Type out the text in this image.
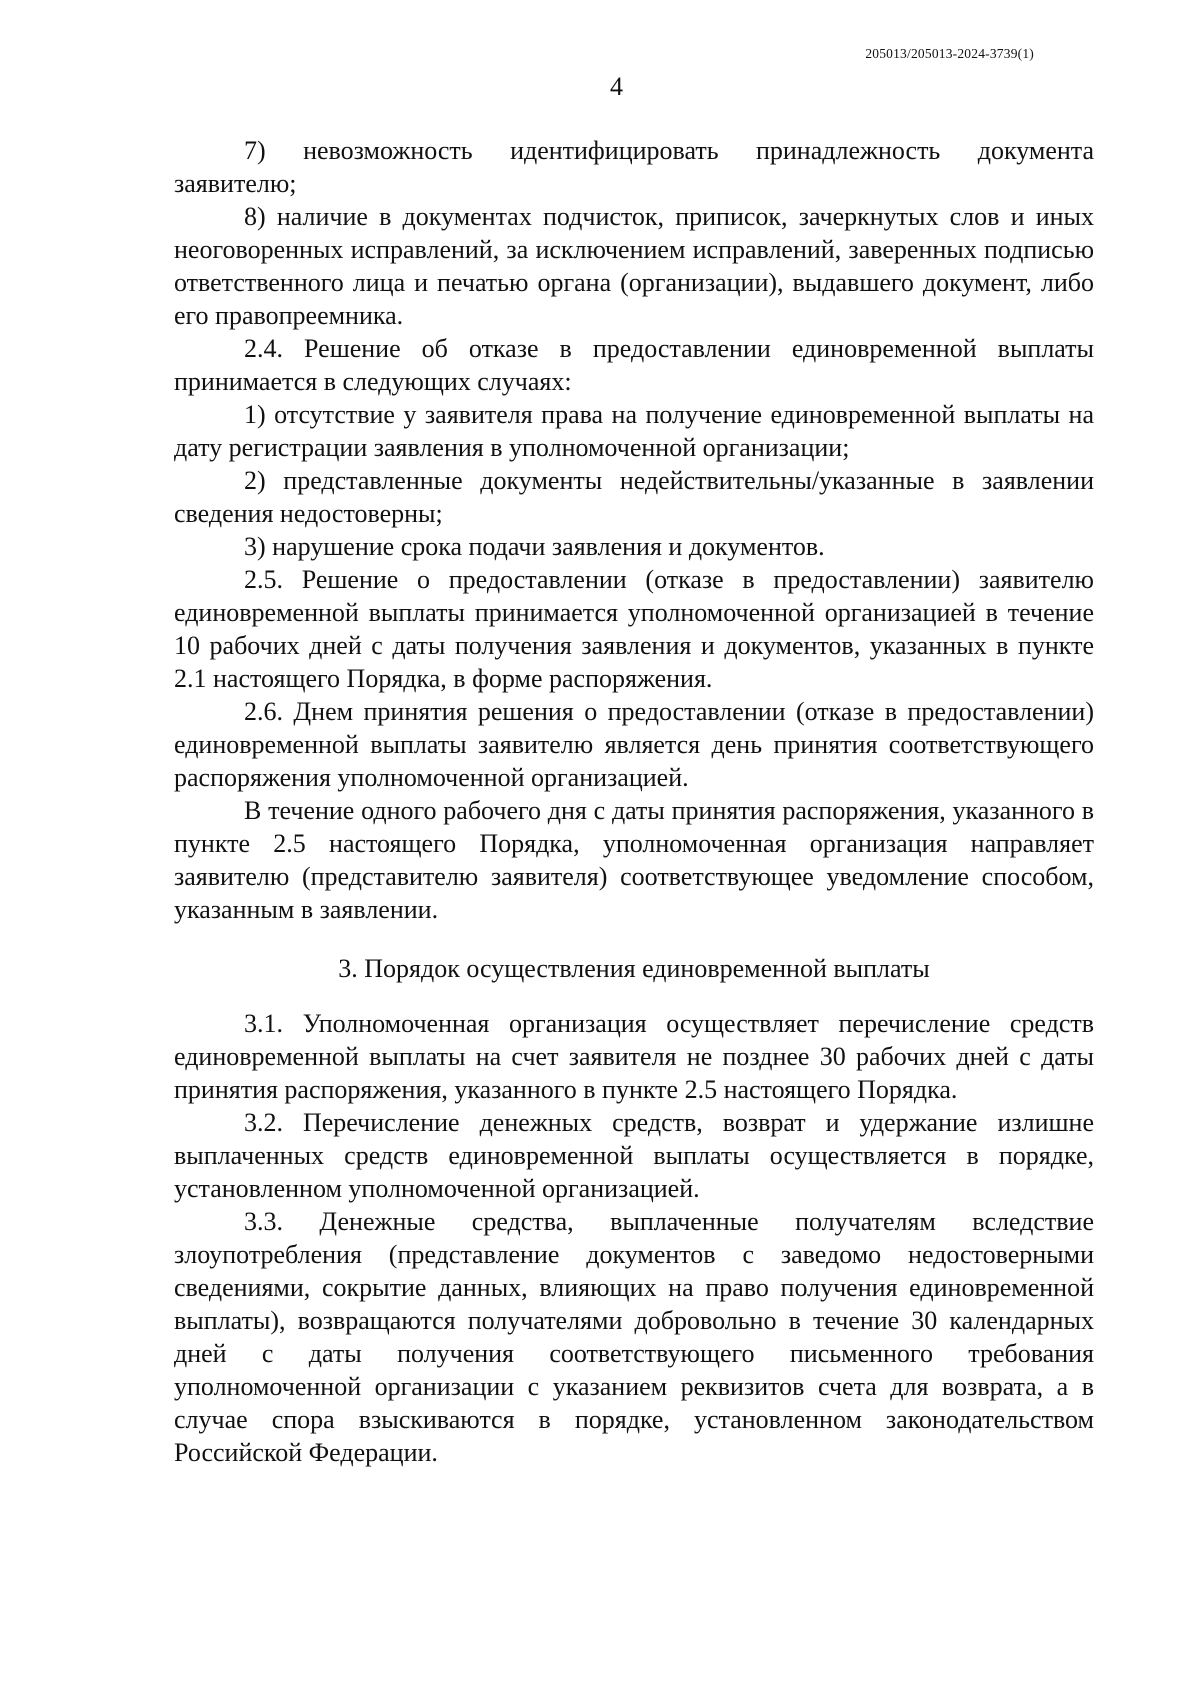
205013/205013-2024-3739(1)
4

7) невозможность идентифицировать принадлежность документа заявителю;

8) наличие в документах подчисток, приписок, зачеркнутых слов и иных неоговоренных исправлений, за исключением исправлений, заверенных подписью ответственного лица и печатью органа (организации), выдавшего документ, либо его правопреемника.

2.4. Решение об отказе в предоставлении единовременной выплаты принимается в следующих случаях:

1) отсутствие у заявителя права на получение единовременной выплаты на дату регистрации заявления в уполномоченной организации;

2) представленные документы недействительны/указанные в заявлении сведения недостоверны;

3) нарушение срока подачи заявления и документов.

2.5. Решение о предоставлении (отказе в предоставлении) заявителю единовременной выплаты принимается уполномоченной организацией в течение 10 рабочих дней с даты получения заявления и документов, указанных в пункте 2.1 настоящего Порядка, в форме распоряжения.

2.6. Днем принятия решения о предоставлении (отказе в предоставлении) единовременной выплаты заявителю является день принятия соответствующего распоряжения уполномоченной организацией.

В течение одного рабочего дня с даты принятия распоряжения, указанного в пункте 2.5 настоящего Порядка, уполномоченная организация направляет заявителю (представителю заявителя) соответствующее уведомление способом, указанным в заявлении.

3. Порядок осуществления единовременной выплаты

3.1. Уполномоченная организация осуществляет перечисление средств единовременной выплаты на счет заявителя не позднее 30 рабочих дней с даты принятия распоряжения, указанного в пункте 2.5 настоящего Порядка.

3.2. Перечисление денежных средств, возврат и удержание излишне выплаченных средств единовременной выплаты осуществляется в порядке, установленном уполномоченной организацией.

3.3. Денежные средства, выплаченные получателям вследствие злоупотребления (представление документов с заведомо недостоверными сведениями, сокрытие данных, влияющих на право получения единовременной выплаты), возвращаются получателями добровольно в течение 30 календарных дней с даты получения соответствующего письменного требования уполномоченной организации с указанием реквизитов счета для возврата, а в случае спора взыскиваются в порядке, установленном законодательством Российской Федерации.
